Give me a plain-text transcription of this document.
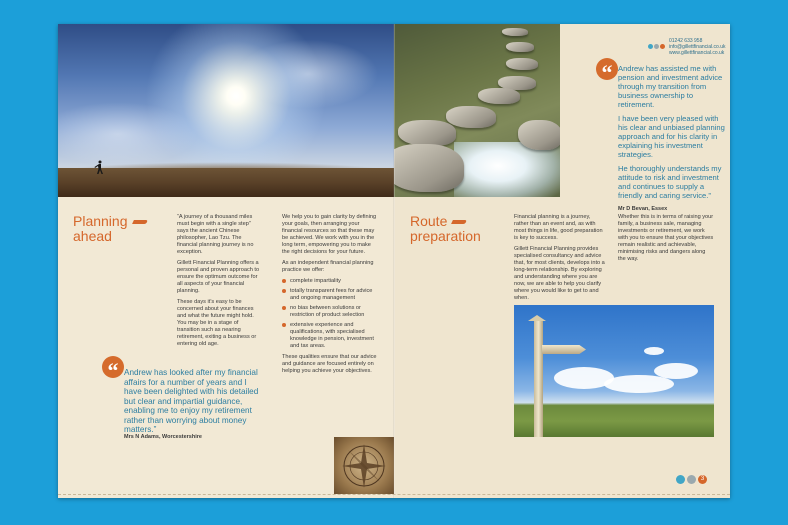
Planning
ahead

“A journey of a thousand miles must begin with a single step” says the ancient Chinese philosopher, Lao Tzu. The financial planning journey is no exception.

Gillett Financial Planning offers a personal and proven approach to ensure the optimum outcome for all aspects of your financial planning.

These days it’s easy to be concerned about your finances and what the future might hold. You may be in a stage of transition such as nearing retirement, exiting a business or entering old age.

We help you to gain clarity by defining your goals, then arranging your financial resources so that these may be achieved. We work with you in the long term, empowering you to make the right decisions for your future.

As an independent financial planning practice we offer:

complete impartiality
totally transparent fees for advice and ongoing management
no bias between solutions or restriction of product selection
extensive experience and qualifications, with specialised knowledge in pension, investment and tax areas.

These qualities ensure that our advice and guidance are focused entirely on helping you achieve your objectives.

“ Andrew has looked after my financial affairs for a number of years and I have been delighted with his detailed but clear and impartial guidance, enabling me to enjoy my retirement rather than worrying about money matters.”
Mrs N Adams, Worcestershire
01242 633 958
info@gillettfinancial.co.uk
www.gillettfinancial.co.uk
“ Andrew has assisted me with pension and investment advice through my transition from business ownership to retirement.

I have been very pleased with his clear and unbiased planning approach and for his clarity in explaining his investment strategies.

He thoroughly understands my attitude to risk and investment and continues to supply a friendly and caring service.”

Mr D Bevan, Essex
Route
preparation

Financial planning is a journey, rather than an event and, as with most things in life, good preparation is key to success.

Gillett Financial Planning provides specialised consultancy and advice that, for most clients, develops into a long-term relationship. By exploring and understanding where you are now, we are able to help you clarify where you would like to get to and when.

Whether this is in terms of raising your family, a business sale, managing investments or retirement, we work with you to ensure that your objectives remain realistic and achievable, minimising risks and dangers along the way.

3
